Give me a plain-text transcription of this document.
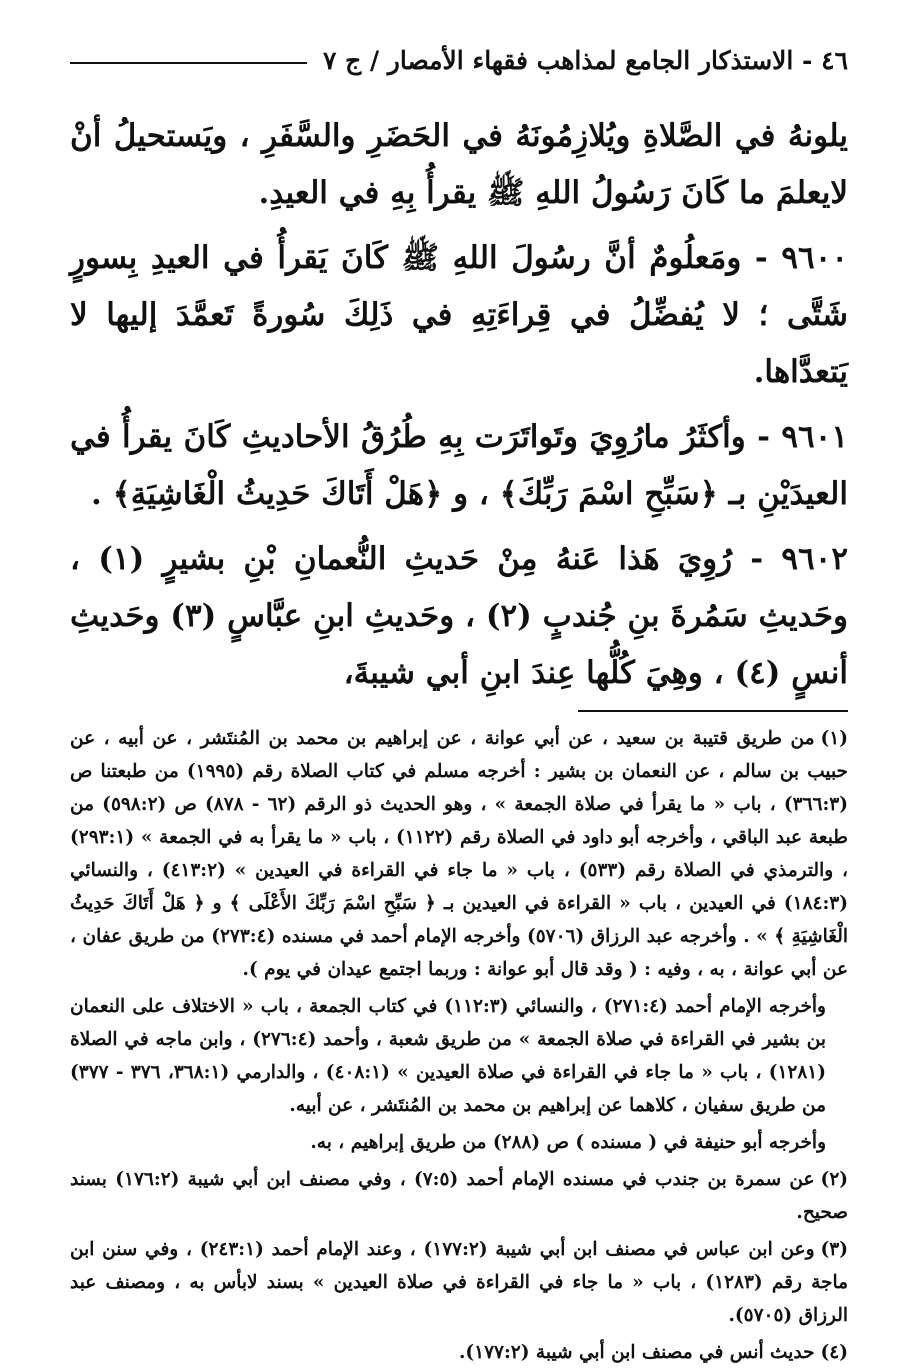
٤٦ - الاستذكار الجامع لمذاهب فقهاء الأمصار / ج ٧

يلونهُ في الصَّلاةِ ويُلازِمُونَهُ في الحَضَرِ والسَّفَرِ ، ويَستحيلُ أنْ لايعلمَ ما كَانَ رَسُولُ اللهِ ﷺ يقرأُ بِهِ في العيدِ.

٩٦٠٠ - ومَعلُومٌ أنَّ رسُولَ اللهِ ﷺ كَانَ يَقرأُ في العيدِ بِسورٍ شَتَّى ؛ لا يُفضِّلُ في قِراءَتِهِ في ذَلِكَ سُورةً تَعمَّدَ إليها لا يَتعدَّاها.

٩٦٠١ - وأكثَرُ مارُوِيَ وتَواتَرَت بِهِ طُرُقُ الأحاديثِ كَانَ يقرأُ في العيدَيْنِ بـ ﴿سَبِّحِ اسْمَ رَبِّكَ﴾ ، و ﴿هَلْ أَتَاكَ حَدِيثُ الْغَاشِيَةِ﴾ .

٩٦٠٢ - رُوِيَ هَذا عَنهُ مِنْ حَديثِ النُّعمانِ بْنِ بشيرٍ (١) ، وحَديثِ سَمُرةَ بنِ جُندبٍ (٢) ، وحَديثِ ابنِ عبَّاسٍ (٣) وحَديثِ أنسٍ (٤) ، وهِيَ كُلُّها عِندَ ابنِ أبي شيبةَ،

(١)من طريق قتيبة بن سعيد ، عن أبي عوانة ، عن إبراهيم بن محمد بن المُنتَشر ، عن أبيه ، عن حبيب بن سالم ، عن النعمان بن بشير : أخرجه مسلم في كتاب الصلاة رقم (١٩٩٥) من طبعتنا ص (٣٦٦:٣) ، باب « ما يقرأ في صلاة الجمعة » ، وهو الحديث ذو الرقم (٦٢ - ٨٧٨) ص (٥٩٨:٢) من طبعة عبد الباقي ، وأخرجه أبو داود في الصلاة رقم (١١٢٢) ، باب « ما يقرأ به في الجمعة » (٢٩٣:١) ، والترمذي في الصلاة رقم (٥٣٣) ، باب « ما جاء في القراءة في العيدين » (٤١٣:٢) ، والنسائي (١٨٤:٣) في العيدين ، باب « القراءة في العيدين بـ ﴿ سَبِّحِ اسْمَ رَبِّكَ الأَعْلَى ﴾ و ﴿ هَلْ أَتَاكَ حَدِيثُ الْغَاشِيَةِ ﴾ » . وأخرجه عبد الرزاق (٥٧٠٦) وأخرجه الإمام أحمد في مسنده (٢٧٣:٤) من طريق عفان ، عن أبي عوانة ، به ، وفيه : ( وقد قال أبو عوانة : وربما اجتمع عيدان في يوم ).

وأخرجه الإمام أحمد (٢٧١:٤) ، والنسائي (١١٢:٣) في كتاب الجمعة ، باب « الاختلاف على النعمان بن بشير في القراءة في صلاة الجمعة » من طريق شعبة ، وأحمد (٢٧٦:٤) ، وابن ماجه في الصلاة (١٢٨١) ، باب « ما جاء في القراءة في صلاة العيدين » (٤٠٨:١) ، والدارمي (٣٦٨:١، ٣٧٦ - ٣٧٧) من طريق سفيان ، كلاهما عن إبراهيم بن محمد بن المُنتَشر ، عن أبيه.

وأخرجه أبو حنيفة في ( مسنده ) ص (٢٨٨) من طريق إبراهيم ، به.

(٢)عن سمرة بن جندب في مسنده الإمام أحمد (٧:٥) ، وفي مصنف ابن أبي شيبة (١٧٦:٢) بسند صحيح.

(٣)وعن ابن عباس في مصنف ابن أبي شيبة (١٧٧:٢) ، وعند الإمام أحمد (٢٤٣:١) ، وفي سنن ابن ماجة رقم (١٢٨٣) ، باب « ما جاء في القراءة في صلاة العيدين » بسند لابأس به ، ومصنف عبد الرزاق (٥٧٠٥).

(٤)حديث أنس في مصنف ابن أبي شيبة (١٧٧:٢).
